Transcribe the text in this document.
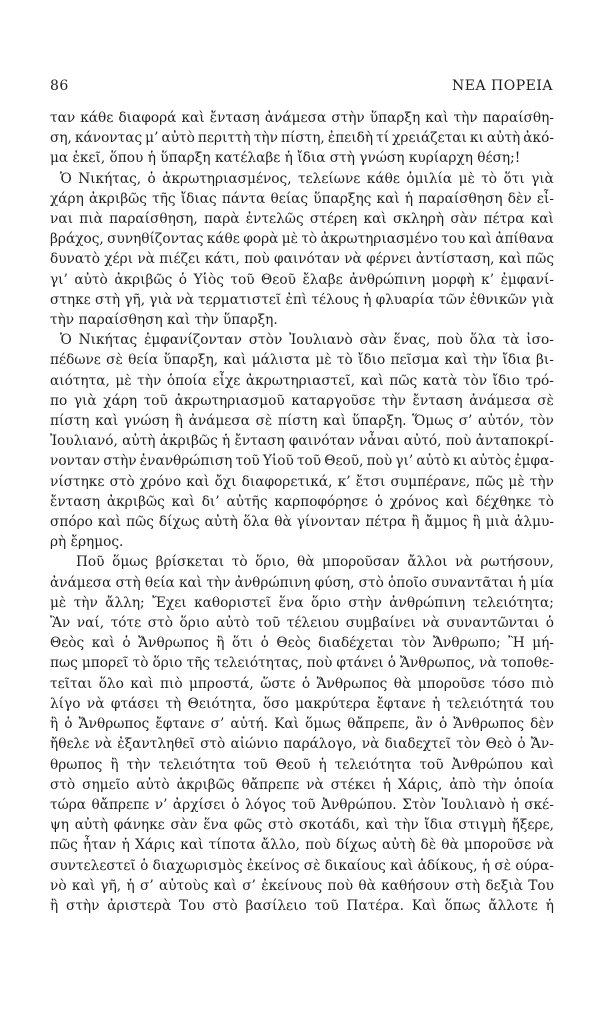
86	ΝΕΑ ΠΟΡΕΙΑ
ταν κάθε διαφορά καὶ ἔνταση ἀνάμεσα στὴν ὕπαρξη καὶ τὴν παραίσθη-
ση, κάνοντας μ’ αὐτὸ περιττὴ τὴν πίστη, ἐπειδὴ τί χρειάζεται κι αὐτὴ ἀκό-
μα ἐκεῖ, ὅπου ἡ ὕπαρξη κατέλαβε ἡ ἴδια στὴ γνώση κυρίαρχη θέση;!
Ὁ Νικήτας, ὁ ἀκρωτηριασμένος, τελείωνε κάθε ὁμιλία μὲ τὸ ὅτι γιὰ
χάρη ἀκριβῶς τῆς ἴδιας πάντα θείας ὕπαρξης καὶ ἡ παραίσθηση δὲν εἶ-
ναι πιὰ παραίσθηση, παρὰ ἐντελῶς στέρεη καὶ σκληρὴ σὰν πέτρα καὶ
βράχος, συνηθίζοντας κάθε φορὰ μὲ τὸ ἀκρωτηριασμένο του καὶ ἀπίθανα
δυνατὸ χέρι νὰ πιέζει κάτι, ποὺ φαινόταν νὰ φέρνει ἀντίσταση, καὶ πῶς
γι’ αὐτὸ ἀκριβῶς ὁ Υἱὸς τοῦ Θεοῦ ἔλαβε ἀνθρώπινη μορφὴ κ’ ἐμφανί-
στηκε στὴ γῆ, γιὰ νὰ τερματιστεῖ ἐπὶ τέλους ἡ φλυαρία τῶν ἐθνικῶν γιὰ
τὴν παραίσθηση καὶ τὴν ὕπαρξη.
Ὁ Νικήτας ἐμφανίζονταν στὸν Ἰουλιανὸ σὰν ἕνας, ποὺ ὅλα τὰ ἰσο-
πέδωνε σὲ θεία ὕπαρξη, καὶ μάλιστα μὲ τὸ ἴδιο πεῖσμα καὶ τὴν ἴδια βι-
αιότητα, μὲ τὴν ὁποία εἶχε ἀκρωτηριαστεῖ, καὶ πῶς κατὰ τὸν ἴδιο τρό-
πο γιὰ χάρη τοῦ ἀκρωτηριασμοῦ καταργοῦσε τὴν ἔνταση ἀνάμεσα σὲ
πίστη καὶ γνώση ἢ ἀνάμεσα σὲ πίστη καὶ ὕπαρξη. Ὅμως σ’ αὐτόν, τὸν
Ἰουλιανό, αὐτὴ ἀκριβῶς ἡ ἔνταση φαινόταν νἆναι αὐτό, ποὺ ἀνταποκρί-
νονταν στὴν ἐνανθρώπιση τοῦ Υἱοῦ τοῦ Θεοῦ, ποὺ γι’ αὐτὸ κι αὐτὸς ἐμφα-
νίστηκε στὸ χρόνο καὶ ὄχι διαφορετικά, κ’ ἔτσι συμπέρανε, πῶς μὲ τὴν
ἔνταση ἀκριβῶς καὶ δι’ αὐτῆς καρποφόρησε ὁ χρόνος καὶ δέχθηκε τὸ
σπόρο καὶ πῶς δίχως αὐτὴ ὅλα θὰ γίνονταν πέτρα ἢ ἄμμος ἢ μιὰ ἁλμυ-
ρὴ ἔρημος.
Ποῦ ὅμως βρίσκεται τὸ ὅριο, θὰ μποροῦσαν ἄλλοι νὰ ρωτήσουν,
ἀνάμεσα στὴ θεία καὶ τὴν ἀνθρώπινη φύση, στὸ ὁποῖο συναντᾶται ἡ μία
μὲ τὴν ἄλλη; Ἔχει καθοριστεῖ ἕνα ὅριο στὴν ἀνθρώπινη τελειότητα;
Ἂν ναί, τότε στὸ ὅριο αὐτὸ τοῦ τέλειου συμβαίνει νὰ συναντῶνται ὁ
Θεὸς καὶ ὁ Ἄνθρωπος ἢ ὅτι ὁ Θεὸς διαδέχεται τὸν Ἄνθρωπο; Ἢ μή-
πως μπορεῖ τὸ ὅριο τῆς τελειότητας, ποὺ φτάνει ὁ Ἄνθρωπος, νὰ τοποθε-
τεῖται ὅλο καὶ πιὸ μπροστά, ὥστε ὁ Ἄνθρωπος θὰ μποροῦσε τόσο πιὸ
λίγο νὰ φτάσει τὴ Θειότητα, ὅσο μακρύτερα ἔφτανε ἡ τελειότητά του
ἢ ὁ Ἄνθρωπος ἔφτανε σ’ αὐτή. Καὶ ὅμως θἄπρεπε, ἂν ὁ Ἄνθρωπος δὲν
ἤθελε νὰ ἐξαντληθεῖ στὸ αἰώνιο παράλογο, νὰ διαδεχτεῖ τὸν Θεὸ ὁ Ἄν-
θρωπος ἢ τὴν τελειότητα τοῦ Θεοῦ ἡ τελειότητα τοῦ Ἀνθρώπου καὶ
στὸ σημεῖο αὐτὸ ἀκριβῶς θἄπρεπε νὰ στέκει ἡ Χάρις, ἀπὸ τὴν ὁποία
τώρα θἄπρεπε ν’ ἀρχίσει ὁ λόγος τοῦ Ἀνθρώπου. Στὸν Ἰουλιανὸ ἡ σκέ-
ψη αὐτὴ φάνηκε σὰν ἕνα φῶς στὸ σκοτάδι, καὶ τὴν ἴδια στιγμὴ ἤξερε,
πῶς ἦταν ἡ Χάρις καὶ τίποτα ἄλλο, ποὺ δίχως αὐτὴ δὲ θὰ μποροῦσε νὰ
συντελεστεῖ ὁ διαχωρισμὸς ἐκείνος σὲ δικαίους καὶ ἀδίκους, ἡ σὲ ούρα-
νὸ καὶ γῆ, ἡ σ’ αὐτοὺς καὶ σ’ ἐκείνους ποὺ θὰ καθήσουν στὴ δεξιὰ Του
ἢ στὴν ἀριστερὰ Του στὸ βασίλειο τοῦ Πατέρα. Καὶ ὅπως ἄλλοτε ἡ
